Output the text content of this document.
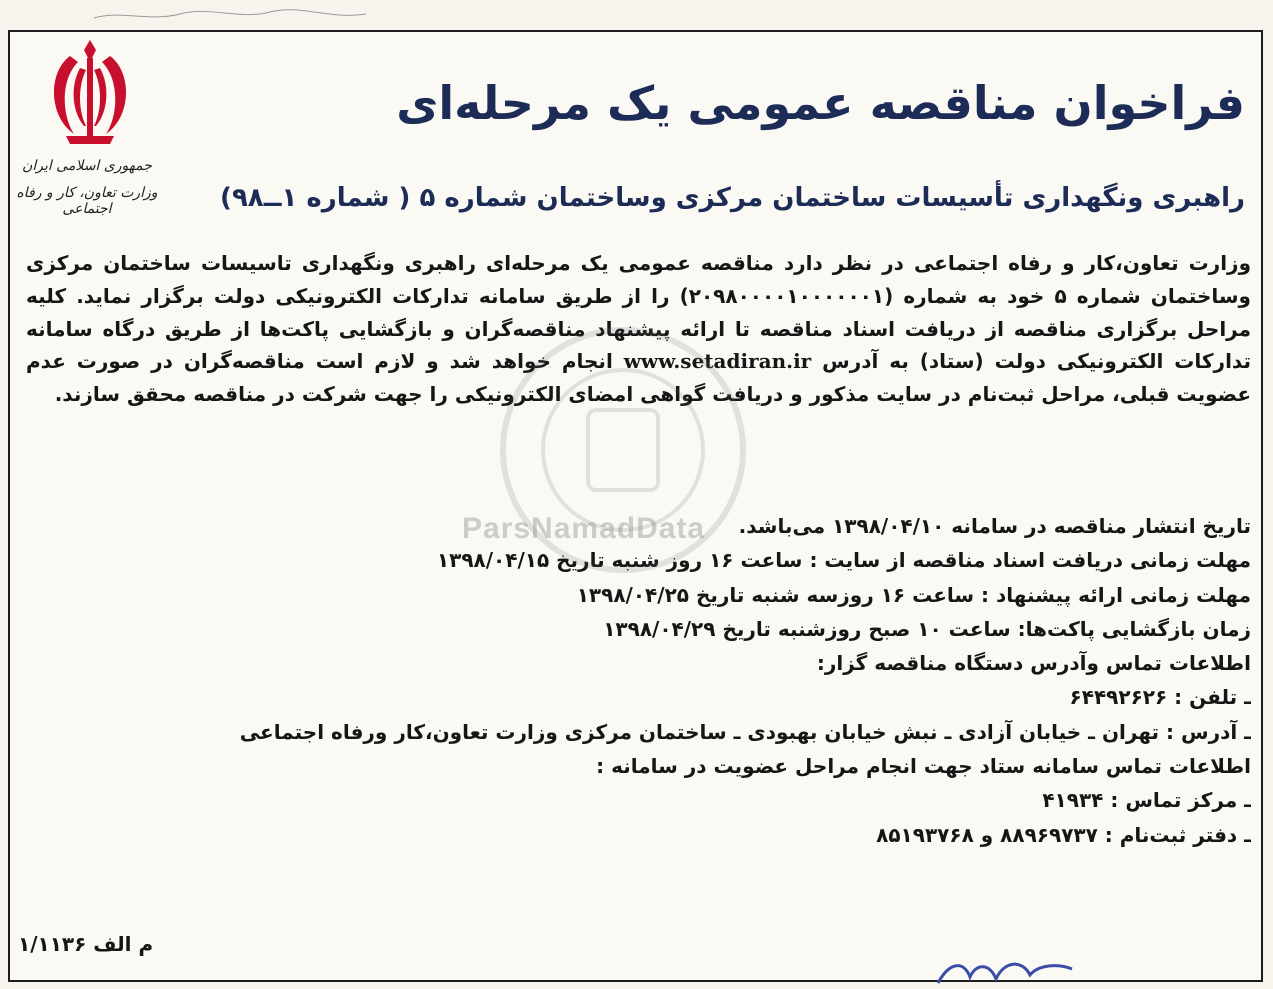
جمهوری اسلامی ایران
وزارت تعاون، کار و رفاه اجتماعی
فراخوان مناقصه عمومی یک مرحله‌ای
راهبری ونگهداری تأسیسات ساختمان مرکزی وساختمان شماره ۵ ( شماره ۱ــ۹۸)

وزارت تعاون،کار و رفاه اجتماعی در نظر دارد مناقصه عمومی یک مرحله‌ای راهبری ونگهداری تاسیسات ساختمان مرکزی وساختمان شماره ۵ خود به شماره (۲۰۹۸۰۰۰۰۱۰۰۰۰۰۰۱) را از طریق سامانه تداركات الكترونيكی دولت برگزار نماید. کلیه مراحل برگزاری مناقصه از دریافت اسناد مناقصه تا ارائه پیشنهاد مناقصه‌گران و بازگشایی پاکت‌ها از طریق درگاه سامانه تداركات الكترونيكی دولت (ستاد) به آدرس www.setadiran.ir انجام خواهد شد و لازم است مناقصه‌گران در صورت عدم عضویت قبلی، مراحل ثبت‌نام در سایت مذکور و دریافت گواهی امضای الکترونیکی را جهت شرکت در مناقصه محقق سازند.

تاریخ انتشار مناقصه در سامانه ۱۳۹۸/۰۴/۱۰ می‌باشد.
مهلت زمانی دریافت اسناد مناقصه از سایت : ساعت ۱۶ روز شنبه تاریخ ۱۳۹۸/۰۴/۱۵
مهلت زمانی ارائه پیشنهاد : ساعت ۱۶ روزسه شنبه تاریخ ۱۳۹۸/۰۴/۲۵
زمان بازگشایی پاکت‌ها: ساعت ۱۰ صبح روزشنبه تاریخ ۱۳۹۸/۰۴/۲۹
اطلاعات تماس وآدرس دستگاه مناقصه گزار:
ـ تلفن : ۶۴۴۹۲۶۲۶
ـ آدرس : تهران ـ خیابان آزادی ـ نبش خیابان بهبودی ـ ساختمان مرکزی وزارت تعاون،کار ورفاه اجتماعی
اطلاعات تماس سامانه ستاد جهت انجام مراحل عضویت در سامانه :
ـ مرکز تماس : ۴۱۹۳۴
ـ دفتر ثبت‌نام : ۸۸۹۶۹۷۳۷ و ۸۵۱۹۳۷۶۸
م الف ۱/۱۱۳۶
ParsNamadData
